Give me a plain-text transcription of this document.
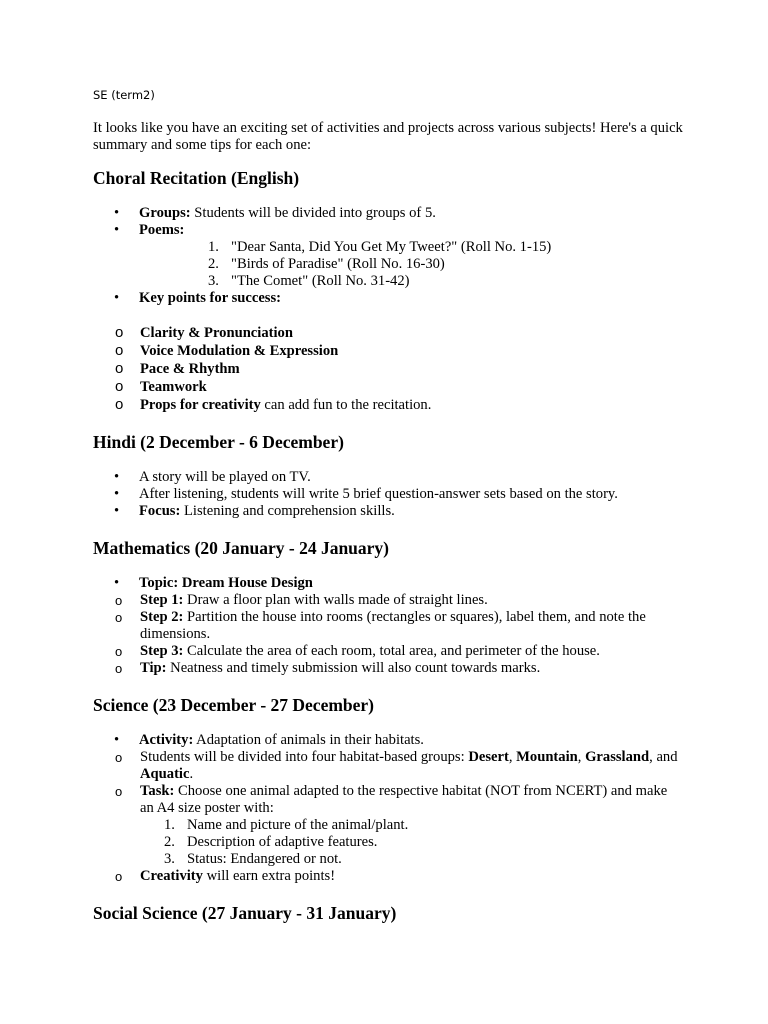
SE (term2)

It looks like you have an exciting set of activities and projects across various subjects! Here's a quick summary and some tips for each one:

Choral Recitation (English)
• Groups: Students will be divided into groups of 5.
• Poems:
1. "Dear Santa, Did You Get My Tweet?" (Roll No. 1-15)
2. "Birds of Paradise" (Roll No. 16-30)
3. "The Comet" (Roll No. 31-42)
• Key points for success:
o Clarity & Pronunciation
o Voice Modulation & Expression
o Pace & Rhythm
o Teamwork
o Props for creativity can add fun to the recitation.
Hindi (2 December - 6 December)
• A story will be played on TV.
• After listening, students will write 5 brief question-answer sets based on the story.
• Focus: Listening and comprehension skills.
Mathematics (20 January - 24 January)
• Topic: Dream House Design
o Step 1: Draw a floor plan with walls made of straight lines.
o Step 2: Partition the house into rooms (rectangles or squares), label them, and note the dimensions.
o Step 3: Calculate the area of each room, total area, and perimeter of the house.
o Tip: Neatness and timely submission will also count towards marks.
Science (23 December - 27 December)
• Activity: Adaptation of animals in their habitats.
o Students will be divided into four habitat-based groups: Desert, Mountain, Grassland, and Aquatic.
o Task: Choose one animal adapted to the respective habitat (NOT from NCERT) and make an A4 size poster with:
1. Name and picture of the animal/plant.
2. Description of adaptive features.
3. Status: Endangered or not.
o Creativity will earn extra points!
Social Science (27 January - 31 January)
